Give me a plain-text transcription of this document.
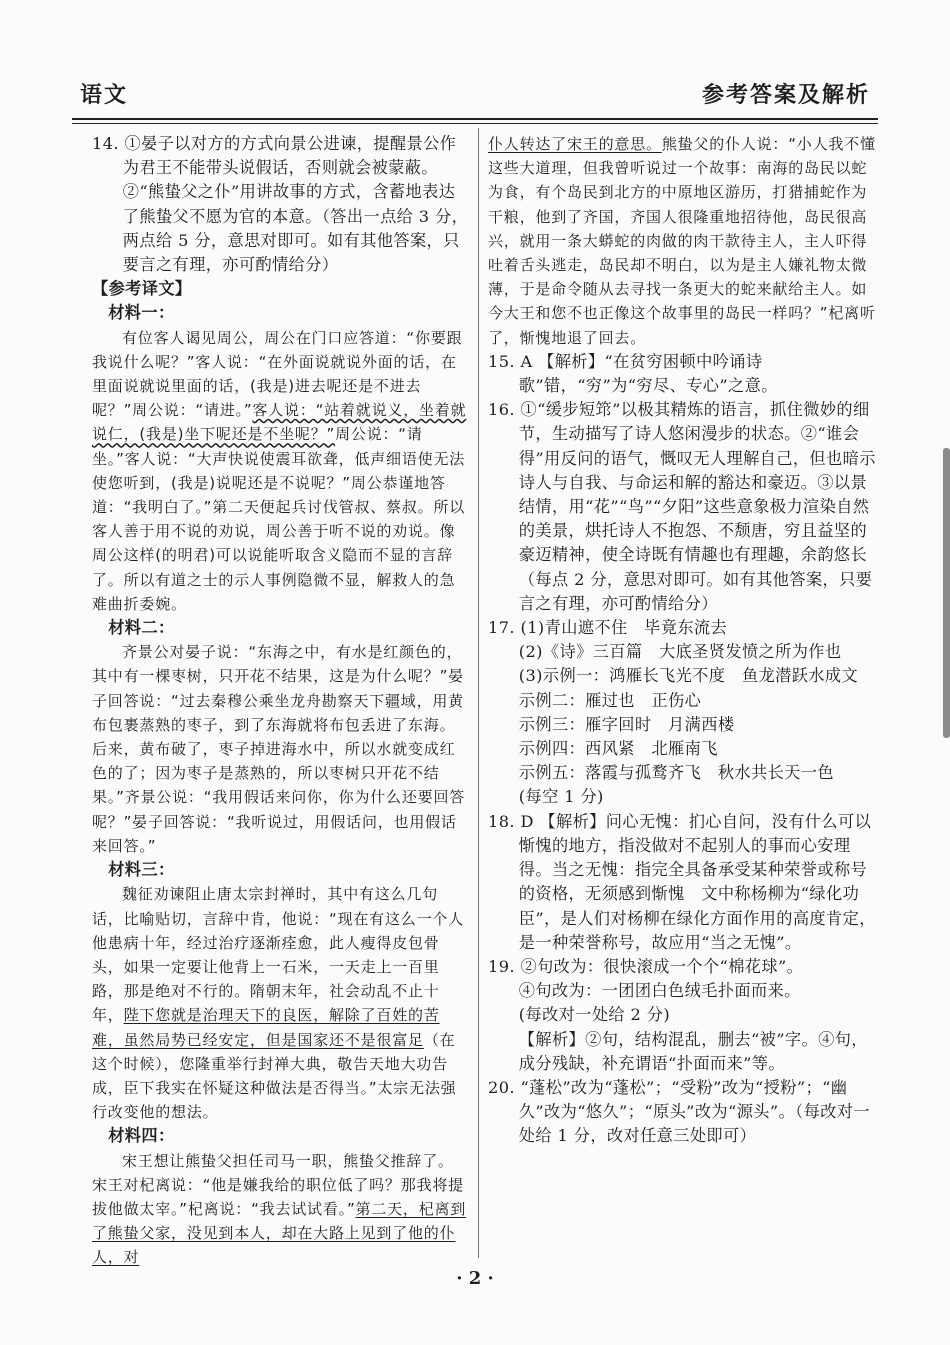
语文	参考答案及解析

14. ①晏子以对方的方式向景公进谏，提醒景公作为君王不能带头说假话，否则就会被蒙蔽。②“熊蛰父之仆”用讲故事的方式，含蓄地表达了熊蛰父不愿为官的本意。（答出一点给 3 分，两点给 5 分，意思对即可。如有其他答案，只要言之有理，亦可酌情给分）

【参考译文】

材料一：

有位客人谒见周公，周公在门口应答道：“你要跟我说什么呢？”客人说：“在外面说就说外面的话，在里面说就说里面的话，(我是)进去呢还是不进去呢？”周公说：“请进。”客人说：“站着就说义，坐着就说仁，(我是)坐下呢还是不坐呢？”周公说：“请坐。”客人说：“大声快说使震耳欲聋，低声细语使无法使您听到，(我是)说呢还是不说呢？”周公恭谨地答道：“我明白了。”第二天便起兵讨伐管叔、蔡叔。所以客人善于用不说的劝说，周公善于听不说的劝说。像周公这样(的明君)可以说能听取含义隐而不显的言辞了。所以有道之士的示人事例隐微不显，解救人的急难曲折委婉。

材料二：

齐景公对晏子说：“东海之中，有水是红颜色的，其中有一棵枣树，只开花不结果，这是为什么呢？”晏子回答说：“过去秦穆公乘坐龙舟勘察天下疆域，用黄布包裹蒸熟的枣子，到了东海就将布包丢进了东海。后来，黄布破了，枣子掉进海水中，所以水就变成红色的了；因为枣子是蒸熟的，所以枣树只开花不结果。”齐景公说：“我用假话来问你，你为什么还要回答呢？”晏子回答说：“我听说过，用假话问，也用假话来回答。”

材料三：

魏征劝谏阻止唐太宗封禅时，其中有这么几句话，比喻贴切，言辞中肯，他说：“现在有这么一个人他患病十年，经过治疗逐渐痊愈，此人瘦得皮包骨头，如果一定要让他背上一石米，一天走上一百里路，那是绝对不行的。隋朝末年，社会动乱不止十年，陛下您就是治理天下的良医，解除了百姓的苦难，虽然局势已经安定，但是国家还不是很富足（在这个时候），您隆重举行封禅大典，敬告天地大功告成，臣下我实在怀疑这种做法是否得当。”太宗无法强行改变他的想法。

材料四：

宋王想让熊蛰父担任司马一职，熊蛰父推辞了。宋王对杞离说：“他是嫌我给的职位低了吗？那我将提拔他做太宰。”杞离说：“我去试试看。”第二天，杞离到了熊蛰父家，没见到本人，却在大路上见到了他的仆人，对

仆人转达了宋王的意思。熊蛰父的仆人说：“小人我不懂这些大道理，但我曾听说过一个故事：南海的岛民以蛇为食，有个岛民到北方的中原地区游历，打猎捕蛇作为干粮，他到了齐国，齐国人很隆重地招待他，岛民很高兴，就用一条大蟒蛇的肉做的肉干款待主人，主人吓得吐着舌头逃走，岛民却不明白，以为是主人嫌礼物太微薄，于是命令随从去寻找一条更大的蛇来献给主人。如今大王和您不也正像这个故事里的岛民一样吗？”杞离听了，惭愧地退了回去。

15. A 【解析】“在贫穷困顿中吟诵诗歌”错，“穷”为“穷尽、专心”之意。

16. ①“缓步短筇”以极其精炼的语言，抓住微妙的细节，生动描写了诗人悠闲漫步的状态。②“谁会得”用反问的语气，慨叹无人理解自己，但也暗示诗人与自我、与命运和解的豁达和豪迈。③以景结情，用“花”“鸟”“夕阳”这些意象极力渲染自然的美景，烘托诗人不抱怨、不颓唐，穷且益坚的豪迈精神，使全诗既有情趣也有理趣，余韵悠长（每点 2 分，意思对即可。如有其他答案，只要言之有理，亦可酌情给分）

17. (1)青山遮不住　毕竟东流去

(2)《诗》三百篇　大底圣贤发愤之所为作也

(3)示例一：鸿雁长飞光不度　鱼龙潜跃水成文

示例二：雁过也　正伤心

示例三：雁字回时　月满西楼

示例四：西风紧　北雁南飞

示例五：落霞与孤鹜齐飞　秋水共长天一色

(每空 1 分)

18. D 【解析】问心无愧：扪心自问，没有什么可以惭愧的地方，指没做对不起别人的事而心安理得。当之无愧：指完全具备承受某种荣誉或称号的资格，无须感到惭愧　文中称杨柳为“绿化功臣”，是人们对杨柳在绿化方面作用的高度肯定，是一种荣誉称号，故应用“当之无愧”。

19. ②句改为：很快滚成一个个“棉花球”。

④句改为：一团团白色绒毛扑面而来。

(每改对一处给 2 分)

【解析】②句，结构混乱，删去“被”字。④句，成分残缺，补充谓语“扑面而来”等。

20. “蓬松”改为“蓬松”；“受粉”改为“授粉”；“幽久”改为“悠久”；“原头”改为“源头”。（每改对一处给 1 分，改对任意三处即可）

· 2 ·
